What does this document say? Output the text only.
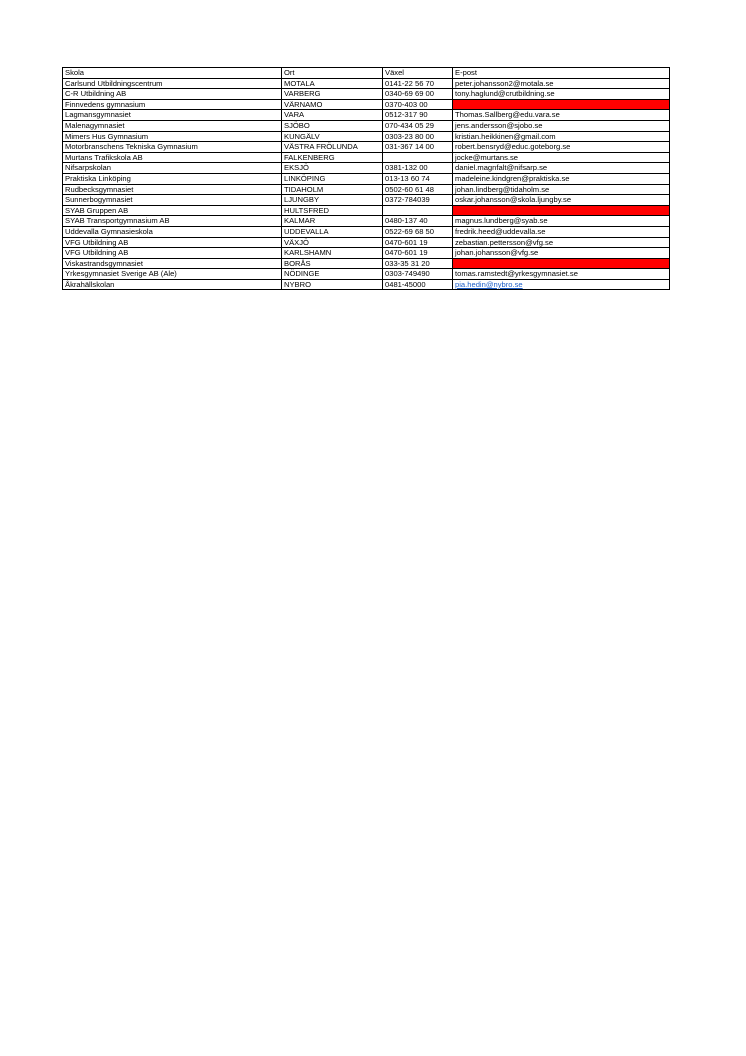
Skola	Ort	Växel	E-post
Carlsund Utbildningscentrum	MOTALA	0141-22 56 70	peter.johansson2@motala.se
C-R Utbildning AB	VARBERG	0340-69 69 00	tony.haglund@crutbildning.se
Finnvedens gymnasium	VÄRNAMO	0370-403 00	
Lagmansgymnasiet	VARA	0512-317 90	Thomas.Sallberg@edu.vara.se
Malenagymnasiet	SJÖBO	070-434 05 29	jens.andersson@sjobo.se
Mimers Hus Gymnasium	KUNGÄLV	0303-23 80 00	kristian.heikkinen@gmail.com
Motorbranschens Tekniska Gymnasium	VÄSTRA FRÖLUNDA	031-367 14 00	robert.bensryd@educ.goteborg.se
Murtans Trafikskola AB	FALKENBERG		jocke@murtans.se
Nifsarpskolan	EKSJÖ	0381-132 00	daniel.magnfalt@nifsarp.se
Praktiska Linköping	LINKÖPING	013-13 60 74	madeleine.kindgren@praktiska.se
Rudbecksgymnasiet	TIDAHOLM	0502-60 61 48	johan.lindberg@tidaholm.se
Sunnerbogymnasiet	LJUNGBY	0372-784039	oskar.johansson@skola.ljungby.se
SYAB Gruppen AB	HULTSFRED		
SYAB Transportgymnasium AB	KALMAR	0480-137 40	magnus.lundberg@syab.se
Uddevalla Gymnasieskola	UDDEVALLA	0522-69 68 50	fredrik.heed@uddevalla.se
VFG Utbildning AB	VÄXJÖ	0470-601 19	zebastian.pettersson@vfg.se
VFG Utbildning AB	KARLSHAMN	0470-601 19	johan.johansson@vfg.se
Viskastrandsgymnasiet	BORÅS	033-35 31 20	
Yrkesgymnasiet Sverige AB (Ale)	NÖDINGE	0303-749490	tomas.ramstedt@yrkesgymnasiet.se
Åkrahällskolan	NYBRO	0481-45000	pia.hedin@nybro.se
